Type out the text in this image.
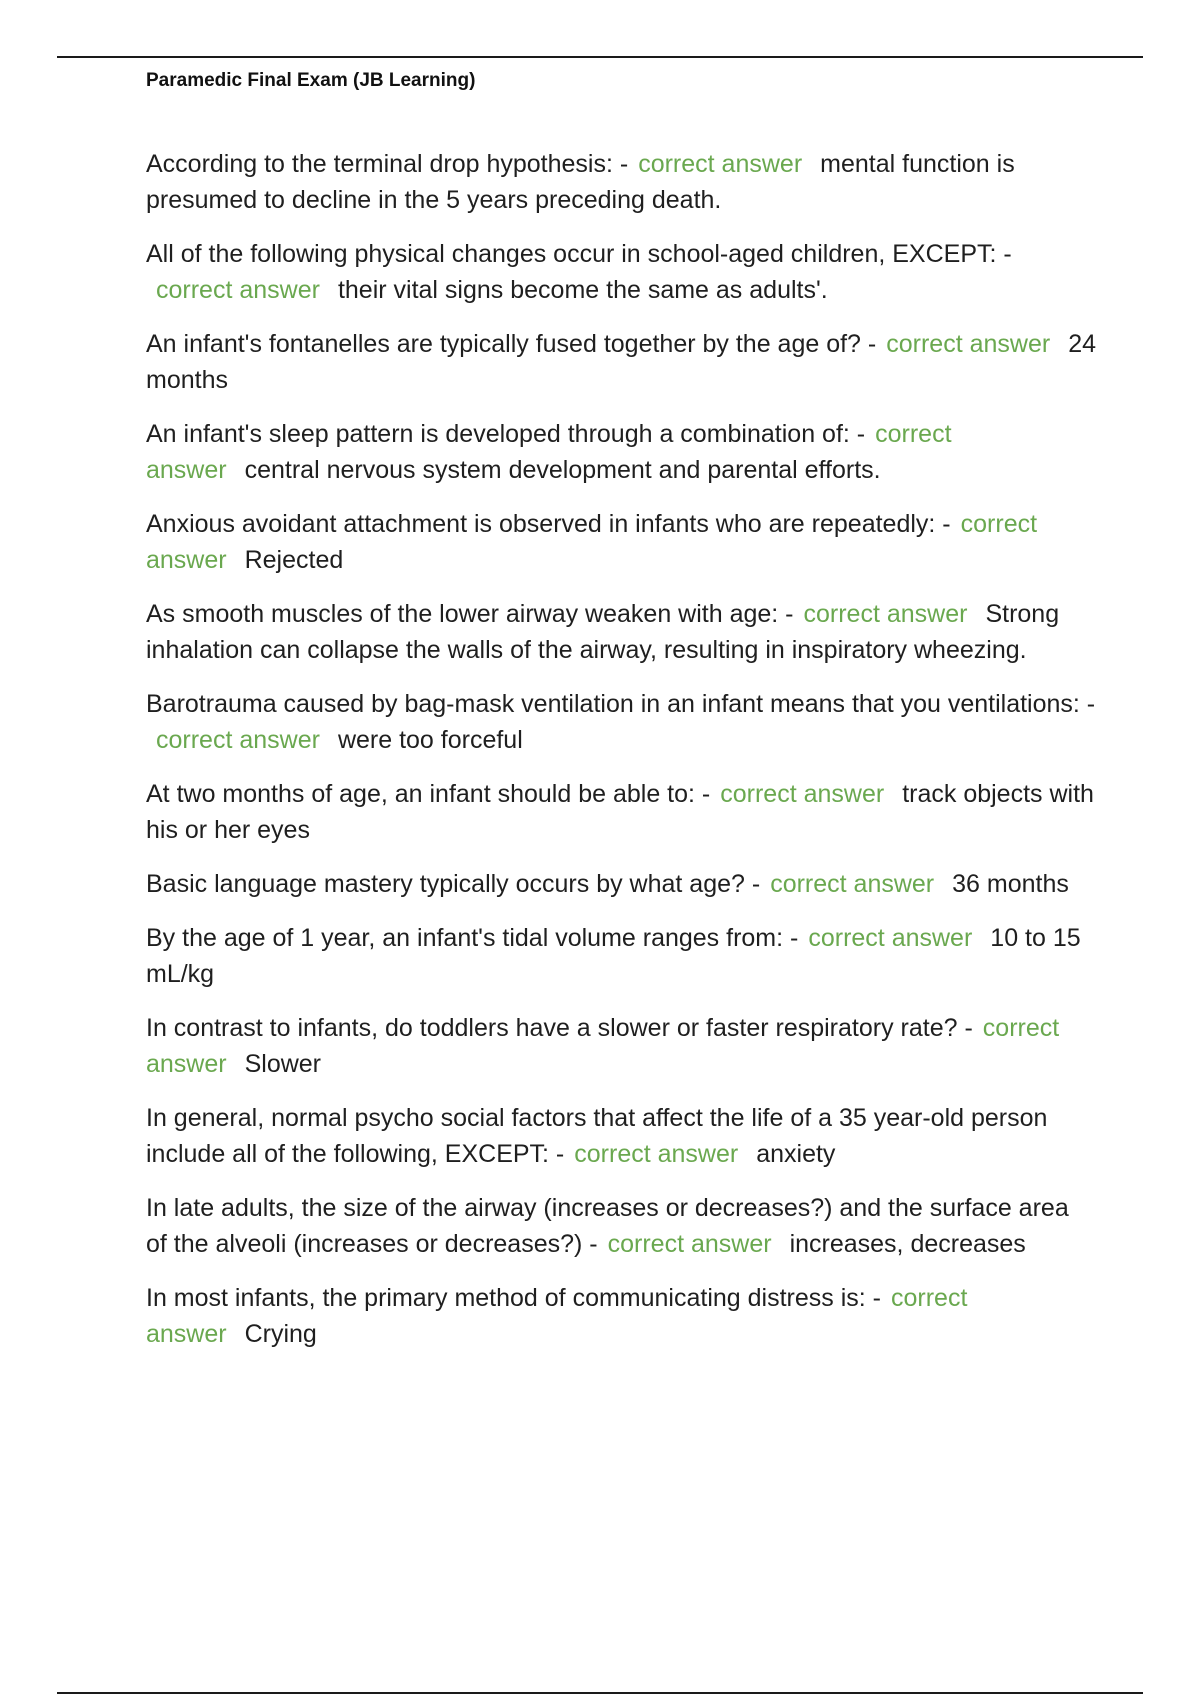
Paramedic Final Exam (JB Learning)

According to the terminal drop hypothesis: - correct answer mental function is presumed to decline in the 5 years preceding death.

All of the following physical changes occur in school-aged children, EXCEPT: -correct answer their vital signs become the same as adults'.

An infant's fontanelles are typically fused together by the age of? - correct answer 24 months

An infant's sleep pattern is developed through a combination of: - correct answer central nervous system development and parental efforts.

Anxious avoidant attachment is observed in infants who are repeatedly: - correct answer Rejected

As smooth muscles of the lower airway weaken with age: - correct answer Strong inhalation can collapse the walls of the airway, resulting in inspiratory wheezing.

Barotrauma caused by bag-mask ventilation in an infant means that you ventilations: -correct answer were too forceful

At two months of age, an infant should be able to: - correct answer track objects with his or her eyes

Basic language mastery typically occurs by what age? - correct answer 36 months

By the age of 1 year, an infant's tidal volume ranges from: - correct answer 10 to 15 mL/kg

In contrast to infants, do toddlers have a slower or faster respiratory rate? - correct answer Slower

In general, normal psycho social factors that affect the life of a 35 year-old person include all of the following, EXCEPT: - correct answer anxiety

In late adults, the size of the airway (increases or decreases?) and the surface area of the alveoli (increases or decreases?) - correct answer increases, decreases

In most infants, the primary method of communicating distress is: - correct answer Crying
